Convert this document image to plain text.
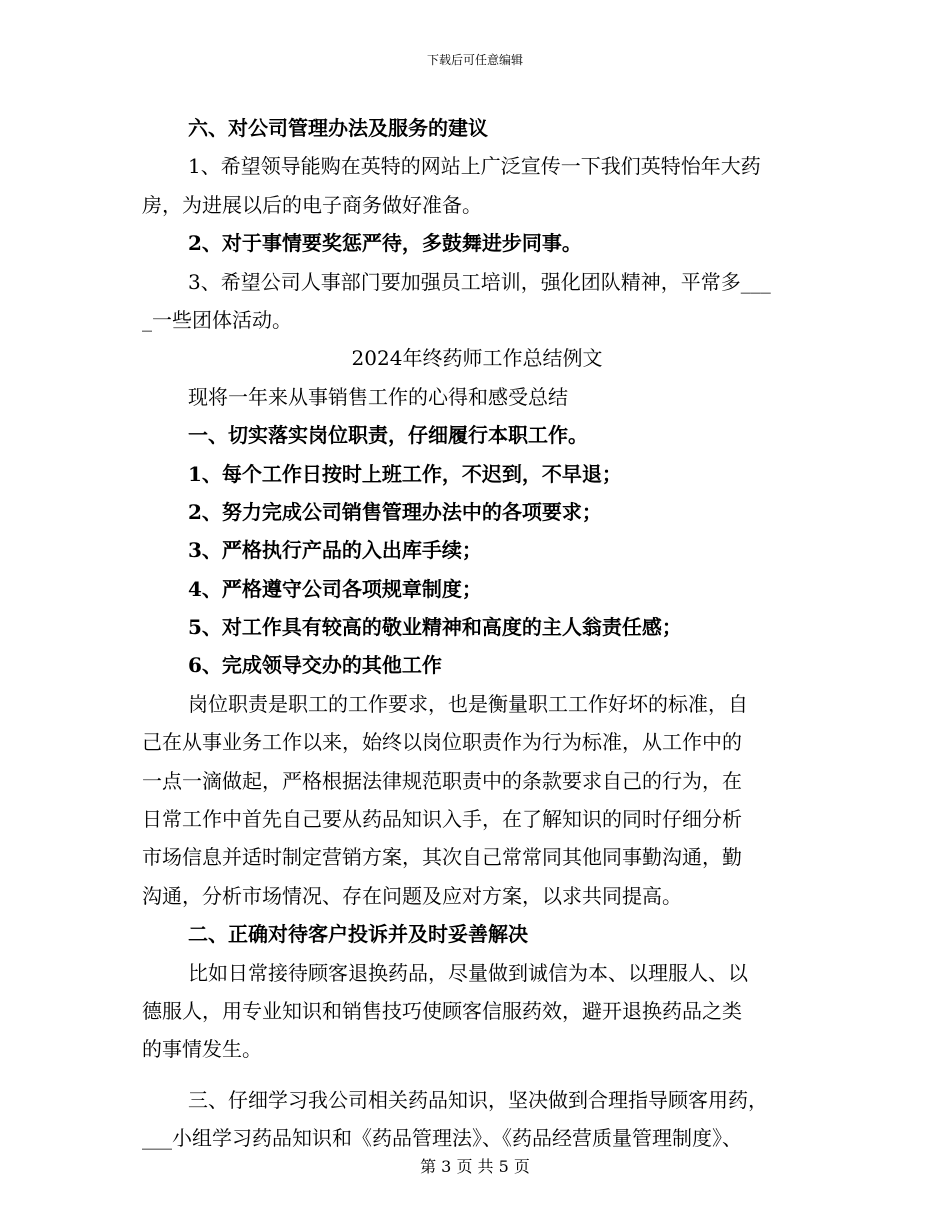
下载后可任意编辑
六、对公司管理办法及服务的建议
1、希望领导能购在英特的网站上广泛宣传一下我们英特怡年大药
房，为进展以后的电子商务做好准备。
2、对于事情要奖惩严待，多鼓舞进步同事。
3、希望公司人事部门要加强员工培训，强化团队精神，平常多___
_一些团体活动。
2024年终药师工作总结例文
现将一年来从事销售工作的心得和感受总结
一、切实落实岗位职责，仔细履行本职工作。
1、每个工作日按时上班工作，不迟到，不早退；
2、努力完成公司销售管理办法中的各项要求；
3、严格执行产品的入出库手续；
4、严格遵守公司各项规章制度；
5、对工作具有较高的敬业精神和高度的主人翁责任感；
6、完成领导交办的其他工作
岗位职责是职工的工作要求，也是衡量职工工作好坏的标准，自
己在从事业务工作以来，始终以岗位职责作为行为标准，从工作中的
一点一滴做起，严格根据法律规范职责中的条款要求自己的行为，在
日常工作中首先自己要从药品知识入手，在了解知识的同时仔细分析
市场信息并适时制定营销方案，其次自己常常同其他同事勤沟通，勤
沟通，分析市场情况、存在问题及应对方案，以求共同提高。
二、正确对待客户投诉并及时妥善解决
比如日常接待顾客退换药品，尽量做到诚信为本、以理服人、以
德服人，用专业知识和销售技巧使顾客信服药效，避开退换药品之类
的事情发生。
三、仔细学习我公司相关药品知识，坚决做到合理指导顾客用药，
___小组学习药品知识和《药品管理法》、《药品经营质量管理制度》、
第 3 页 共 5 页
